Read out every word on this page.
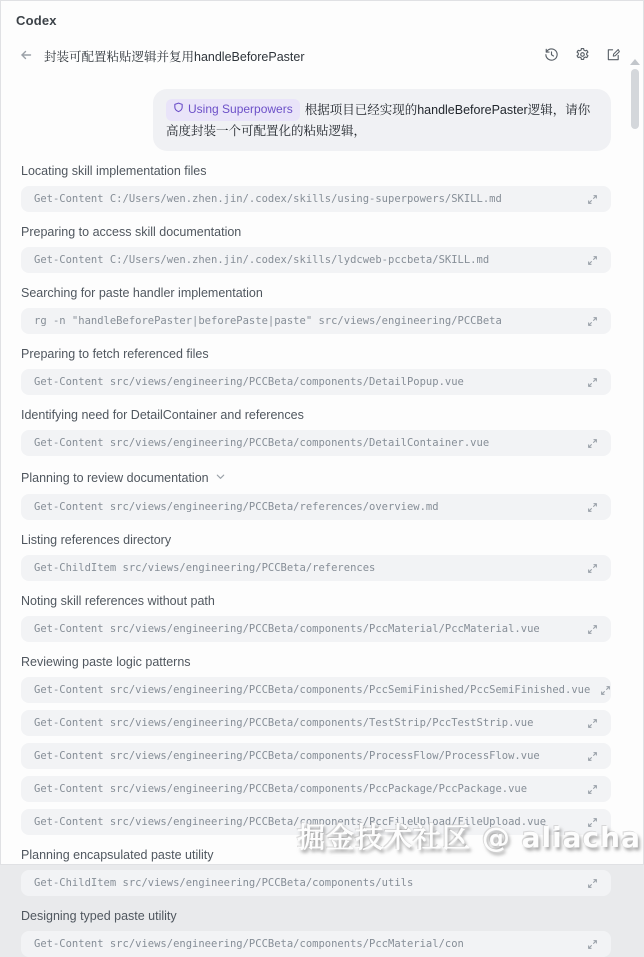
Codex
封装可配置粘贴逻辑并复用handleBeforePaster
Using Superpowers 根据项目已经实现的handleBeforePaster逻辑，请你高度封装一个可配置化的粘贴逻辑，
Locating skill implementation files
Get-Content C:/Users/wen.zhen.jin/.codex/skills/using-superpowers/SKILL.md
Preparing to access skill documentation
Get-Content C:/Users/wen.zhen.jin/.codex/skills/lydcweb-pccbeta/SKILL.md
Searching for paste handler implementation
rg -n "handleBeforePaster|beforePaste|paste" src/views/engineering/PCCBeta
Preparing to fetch referenced files
Get-Content src/views/engineering/PCCBeta/components/DetailPopup.vue
Identifying need for DetailContainer and references
Get-Content src/views/engineering/PCCBeta/components/DetailContainer.vue
Planning to review documentation
Get-Content src/views/engineering/PCCBeta/references/overview.md
Listing references directory
Get-ChildItem src/views/engineering/PCCBeta/references
Noting skill references without path
Get-Content src/views/engineering/PCCBeta/components/PccMaterial/PccMaterial.vue
Reviewing paste logic patterns
Get-Content src/views/engineering/PCCBeta/components/PccSemiFinished/PccSemiFinished.vue
Get-Content src/views/engineering/PCCBeta/components/TestStrip/PccTestStrip.vue
Get-Content src/views/engineering/PCCBeta/components/ProcessFlow/ProcessFlow.vue
Get-Content src/views/engineering/PCCBeta/components/PccPackage/PccPackage.vue
Get-Content src/views/engineering/PCCBeta/components/PccFileUpload/FileUpload.vue
Planning encapsulated paste utility
Get-ChildItem src/views/engineering/PCCBeta/components/utils
Designing typed paste utility
Get-Content src/views/engineering/PCCBeta/components/PccMaterial/con
掘金技术社区 @ aliacha
